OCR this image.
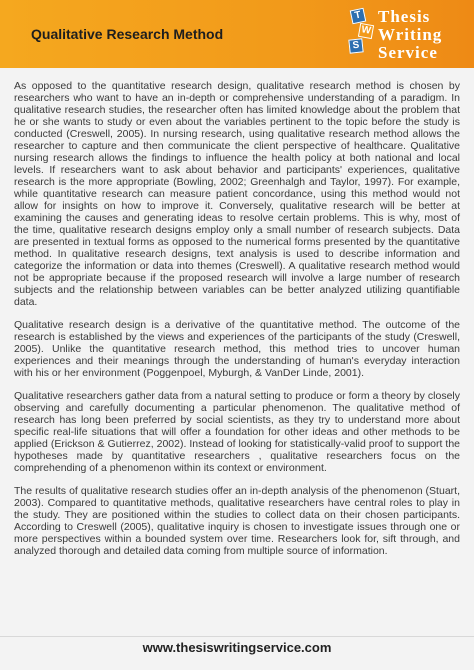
Qualitative Research Method
T
W
S
Thesis
Writing
Service

As opposed to the quantitative research design, qualitative research method is chosen by researchers who want to have an in-depth or comprehensive understanding of a paradigm. In qualitative research studies, the researcher often has limited knowledge about the problem that he or she wants to study or even about the variables pertinent to the topic before the study is conducted (Creswell, 2005). In nursing research, using qualitative research method allows the researcher to capture and then communicate the client perspective of healthcare. Qualitative nursing research allows the findings to influence the health policy at both national and local levels. If researchers want to ask about behavior and participants' experiences, qualitative research is the more appropriate (Bowling, 2002; Greenhalgh and Taylor, 1997). For example, while quantitative research can measure patient concordance, using this method would not allow for insights on how to improve it. Conversely, qualitative research will be better at examining the causes and generating ideas to resolve certain problems. This is why, most of the time, qualitative research designs employ only a small number of research subjects. Data are presented in textual forms as opposed to the numerical forms presented by the quantitative method. In qualitative research designs, text analysis is used to describe information and categorize the information or data into themes (Creswell). A qualitative research method would not be appropriate because if the proposed research will involve a large number of research subjects and the relationship between variables can be better analyzed utilizing quantifiable data.

Qualitative research design is a derivative of the quantitative method. The outcome of the research is established by the views and experiences of the participants of the study (Creswell, 2005). Unlike the quantitative research method, this method tries to uncover human experiences and their meanings through the understanding of human's everyday interaction with his or her environment (Poggenpoel, Myburgh, & VanDer Linde, 2001).

Qualitative researchers gather data from a natural setting to produce or form a theory by closely observing and carefully documenting a particular phenomenon. The qualitative method of research has long been preferred by social scientists, as they try to understand more about specific real-life situations that will offer a foundation for other ideas and other methods to be applied (Erickson & Gutierrez, 2002). Instead of looking for statistically-valid proof to support the hypotheses made by quantitative researchers , qualitative researchers focus on the comprehending of a phenomenon within its context or environment.

The results of qualitative research studies offer an in-depth analysis of the phenomenon (Stuart, 2003). Compared to quantitative methods, qualitative researchers have central roles to play in the study. They are positioned within the studies to collect data on their chosen participants. According to Creswell (2005), qualitative inquiry is chosen to investigate issues through one or more perspectives within a bounded system over time. Researchers look for, sift through, and analyzed thorough and detailed data coming from multiple source of information.

www.thesiswritingservice.com
